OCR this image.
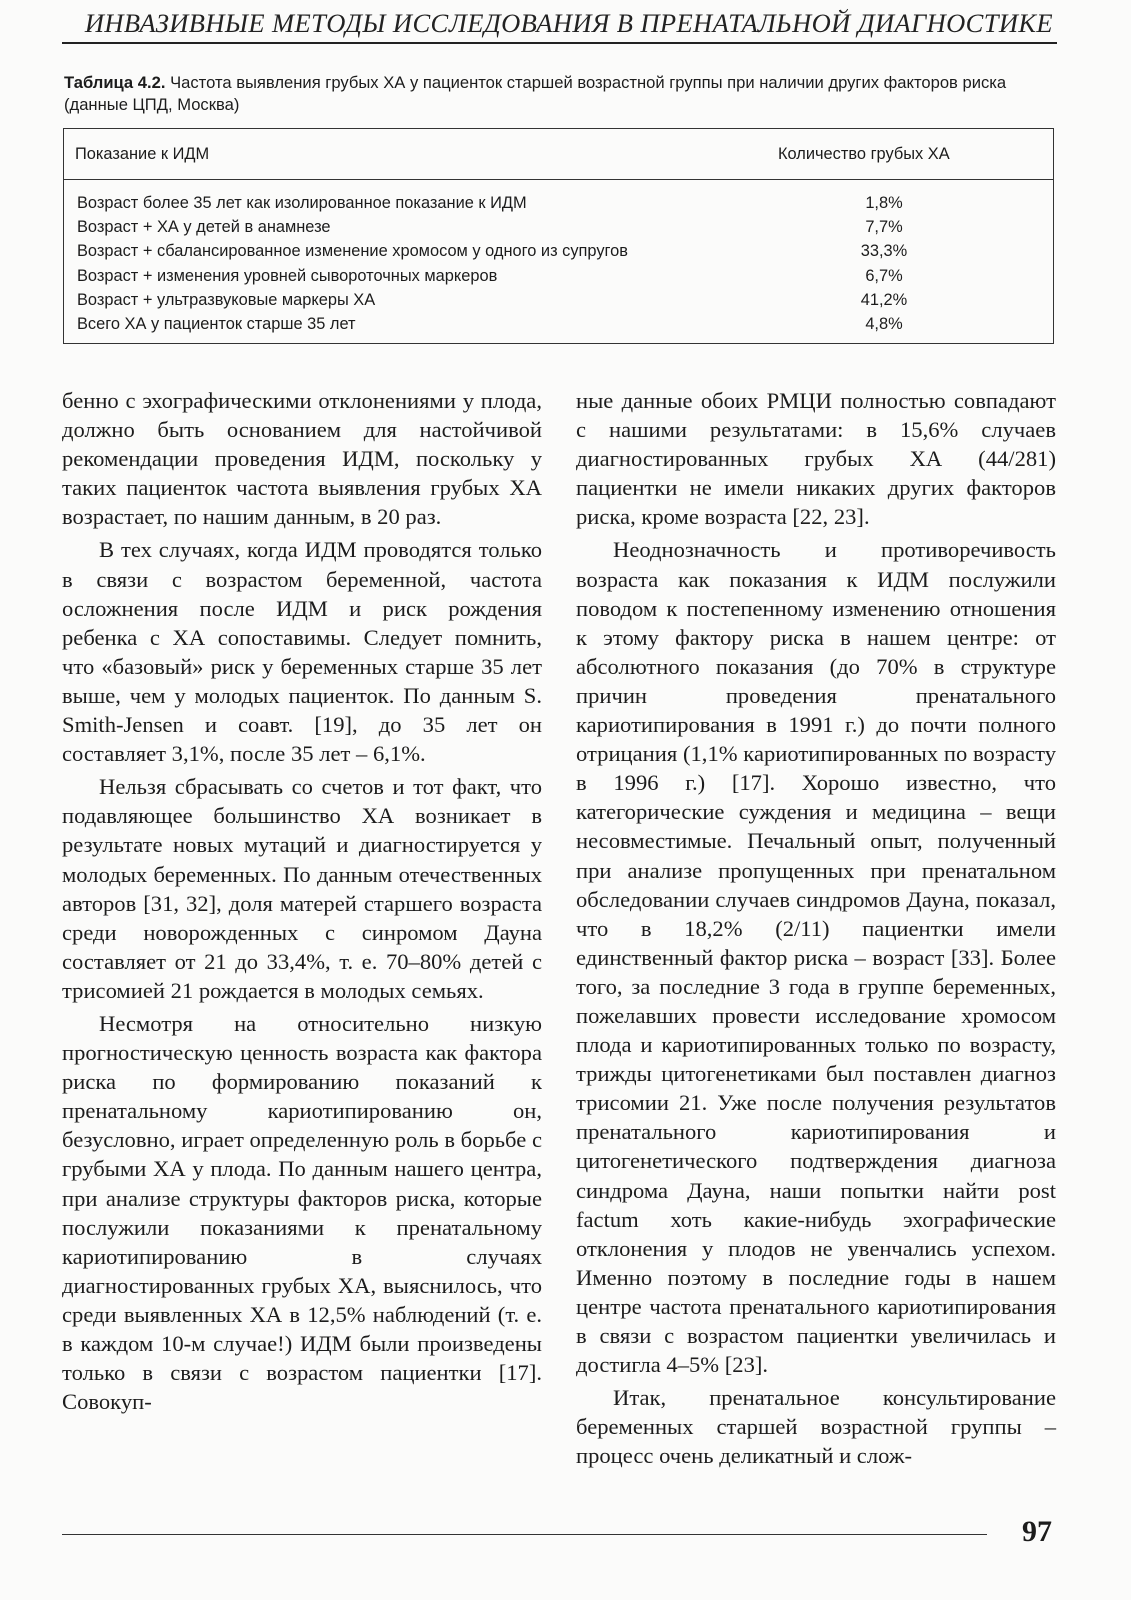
ИНВАЗИВНЫЕ МЕТОДЫ ИССЛЕДОВАНИЯ В ПРЕНАТАЛЬНОЙ ДИАГНОСТИКЕ
Таблица 4.2. Частота выявления грубых ХА у пациенток старшей возрастной группы при наличии других факторов риска (данные ЦПД, Москва)
Показание к ИДМ	Количество грубых ХА
Возраст более 35 лет как изолированное показание к ИДМ	1,8%
Возраст + ХА у детей в анамнезе	7,7%
Возраст + сбалансированное изменение хромосом у одного из супругов	33,3%
Возраст + изменения уровней сывороточных маркеров	6,7%
Возраст + ультразвуковые маркеры ХА	41,2%
Всего ХА у пациенток старше 35 лет	4,8%

бенно с эхографическими отклонениями у плода, должно быть основанием для настойчивой рекомендации проведения ИДМ, поскольку у таких пациенток частота выявления грубых ХА возрастает, по нашим данным, в 20 раз.

В тех случаях, когда ИДМ проводятся только в связи с возрастом беременной, частота осложнения после ИДМ и риск рождения ребенка с ХА сопоставимы. Следует помнить, что «базовый» риск у беременных старше 35 лет выше, чем у молодых пациенток. По данным S. Smith-Jensen и соавт. [19], до 35 лет он составляет 3,1%, после 35 лет – 6,1%.

Нельзя сбрасывать со счетов и тот факт, что подавляющее большинство ХА возникает в результате новых мутаций и диагностируется у молодых беременных. По данным отечественных авторов [31, 32], доля матерей старшего возраста среди новорожденных с синромом Дауна составляет от 21 до 33,4%, т. е. 70–80% детей с трисомией 21 рождается в молодых семьях.

Несмотря на относительно низкую прогностическую ценность возраста как фактора риска по формированию показаний к пренатальному кариотипированию он, безусловно, играет определенную роль в борьбе с грубыми ХА у плода. По данным нашего центра, при анализе структуры факторов риска, которые послужили показаниями к пренатальному кариотипированию в случаях диагностированных грубых ХА, выяснилось, что среди выявленных ХА в 12,5% наблюдений (т. е. в каждом 10-м случае!) ИДМ были произведены только в связи с возрастом пациентки [17]. Совокуп-

ные данные обоих РМЦИ полностью совпадают с нашими результатами: в 15,6% случаев диагностированных грубых ХА (44/281) пациентки не имели никаких других факторов риска, кроме возраста [22, 23].

Неоднозначность и противоречивость возраста как показания к ИДМ послужили поводом к постепенному изменению отношения к этому фактору риска в нашем центре: от абсолютного показания (до 70% в структуре причин проведения пренатального кариотипирования в 1991 г.) до почти полного отрицания (1,1% кариотипированных по возрасту в 1996 г.) [17]. Хорошо известно, что категорические суждения и медицина – вещи несовместимые. Печальный опыт, полученный при анализе пропущенных при пренатальном обследовании случаев синдромов Дауна, показал, что в 18,2% (2/11) пациентки имели единственный фактор риска – возраст [33]. Более того, за последние 3 года в группе беременных, пожелавших провести исследование хромосом плода и кариотипированных только по возрасту, трижды цитогенетиками был поставлен диагноз трисомии 21. Уже после получения результатов пренатального кариотипирования и цитогенетического подтверждения диагноза синдрома Дауна, наши попытки найти post factum хоть какие-нибудь эхографические отклонения у плодов не увенчались успехом. Именно поэтому в последние годы в нашем центре частота пренатального кариотипирования в связи с возрастом пациентки увеличилась и достигла 4–5% [23].

Итак, пренатальное консультирование беременных старшей возрастной группы – процесс очень деликатный и слож-

97
